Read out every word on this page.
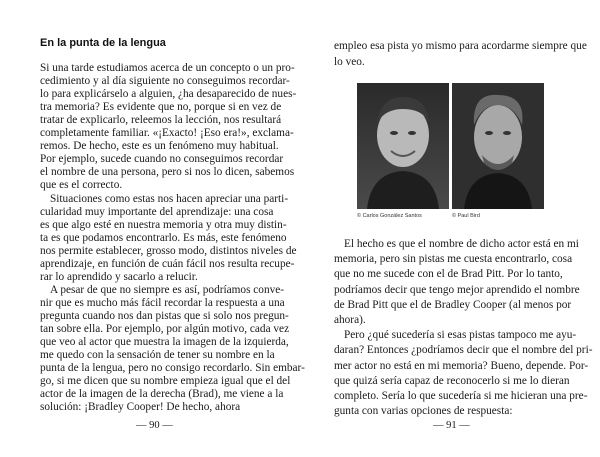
En la punta de la lengua
Si una tarde estudiamos acerca de un concepto o un pro-
cedimiento y al día siguiente no conseguimos recordar-
lo para explicárselo a alguien, ¿ha desaparecido de nues-
tra memoria? Es evidente que no, porque si en vez de
tratar de explicarlo, releemos la lección, nos resultará
completamente familiar. «¡Exacto! ¡Eso era!», exclama-
remos. De hecho, este es un fenómeno muy habitual.
Por ejemplo, sucede cuando no conseguimos recordar
el nombre de una persona, pero si nos lo dicen, sabemos
que es el correcto.
Situaciones como estas nos hacen apreciar una parti-
cularidad muy importante del aprendizaje: una cosa
es que algo esté en nuestra memoria y otra muy distin-
ta es que podamos encontrarlo. Es más, este fenómeno
nos permite establecer, grosso modo, distintos niveles de
aprendizaje, en función de cuán fácil nos resulta recupe-
rar lo aprendido y sacarlo a relucir.
A pesar de que no siempre es así, podríamos conve-
nir que es mucho más fácil recordar la respuesta a una
pregunta cuando nos dan pistas que si solo nos pregun-
tan sobre ella. Por ejemplo, por algún motivo, cada vez
que veo al actor que muestra la imagen de la izquierda,
me quedo con la sensación de tener su nombre en la
punta de la lengua, pero no consigo recordarlo. Sin embar-
go, si me dicen que su nombre empieza igual que el del
actor de la imagen de la derecha (Brad), me viene a la
solución: ¡Bradley Cooper! De hecho, ahora
— 90 —
empleo esa pista yo mismo para acordarme siempre que
lo veo.
© Carlos González Santos	© Paul Bird
El hecho es que el nombre de dicho actor está en mi
memoria, pero sin pistas me cuesta encontrarlo, cosa
que no me sucede con el de Brad Pitt. Por lo tanto,
podríamos decir que tengo mejor aprendido el nombre
de Brad Pitt que el de Bradley Cooper (al menos por
ahora).
Pero ¿qué sucedería si esas pistas tampoco me ayu-
daran? Entonces ¿podríamos decir que el nombre del pri-
mer actor no está en mi memoria? Bueno, depende. Por-
que quizá sería capaz de reconocerlo si me lo dieran
completo. Sería lo que sucedería si me hicieran una pre-
gunta con varias opciones de respuesta:
— 91 —
